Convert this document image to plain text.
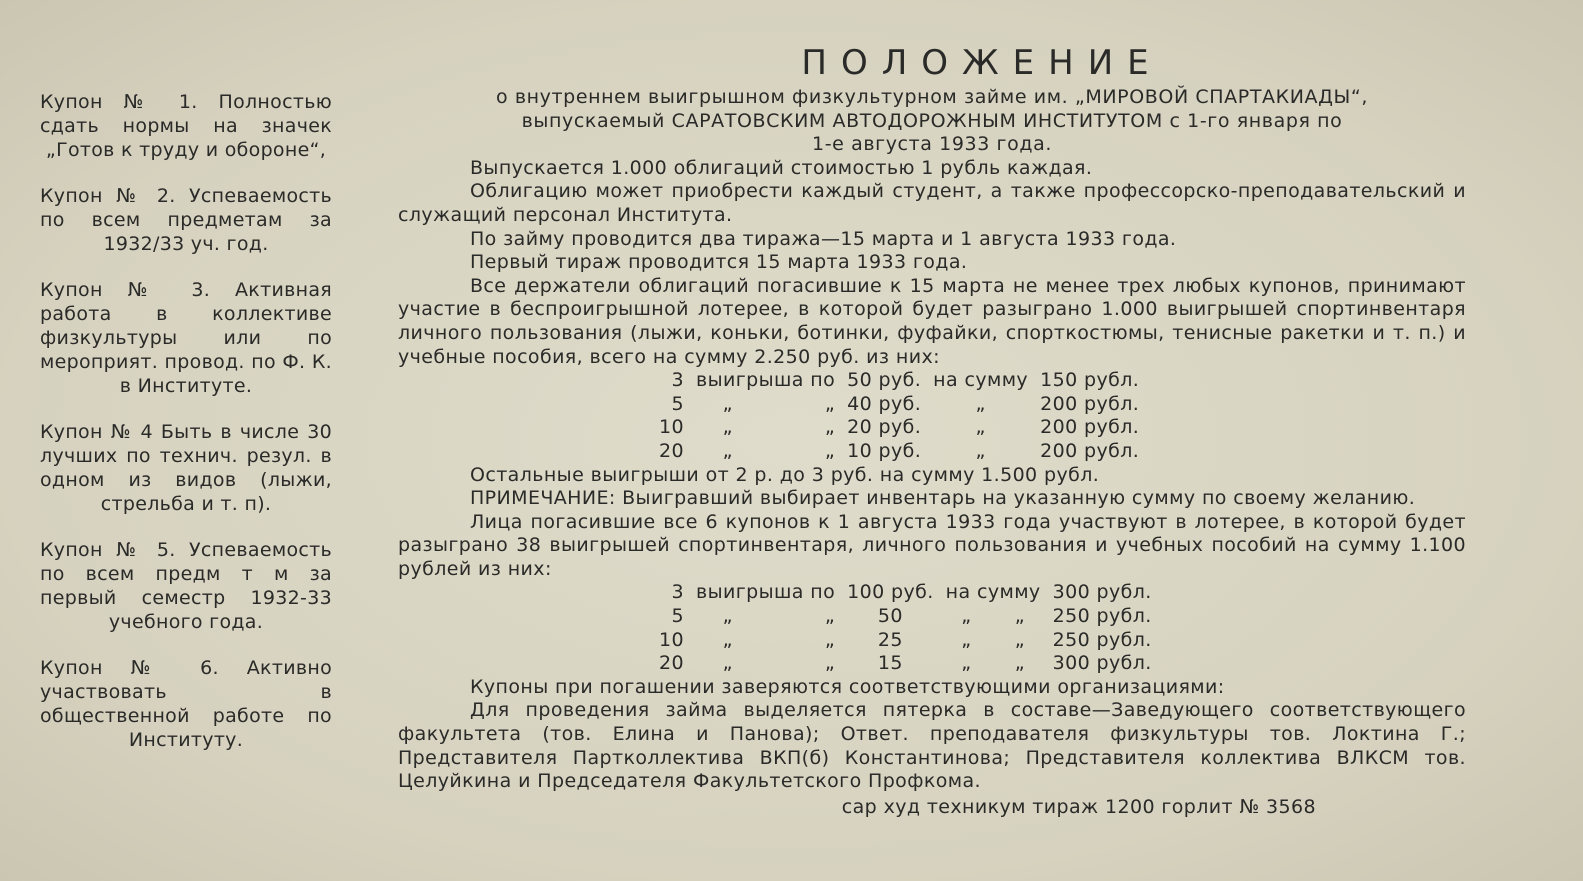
Купон № 1. Полностью сдать нормы на значек „Готов к труду и обороне“,
Купон № 2. Успеваемость по всем предметам за 1932/33 уч. год.
Купон № 3. Активная работа в коллективе физкультуры или по мероприят. провод. по Ф. К. в Институте.
Купон № 4 Быть в числе 30 лучших по технич. резул. в одном из видов (лыжи, стрельба и т. п).
Купон № 5. Успеваемость по всем предм т м за первый семестр 1932-33 учебного года.
Купон № 6. Активно участвовать в общественной работе по Институту.
ПОЛОЖЕНИЕ
о внутреннем выигрышном физкультурном займе им. „МИРОВОЙ СПАРТАКИАДЫ“,
выпускаемый САРАТОВСКИМ АВТОДОРОЖНЫМ ИНСТИТУТОМ с 1-го января по
1-е августа 1933 года.

Выпускается 1.000 облигаций стоимостью 1 рубль каждая.

Облигацию может приобрести каждый студент, а также профессорско-преподавательский и служащий персонал Института.

По займу проводится два тиража—15 марта и 1 августа 1933 года.

Первый тираж проводится 15 марта 1933 года.

Все держатели облигаций погасившие к 15 марта не менее трех любых купонов, принимают участие в беспроигрышной лотерее, в которой будет разыграно 1.000 выигрышей спортинвентаря личного пользования (лыжи, коньки, ботинки, фуфайки, спорткостюмы, тенисные ракетки и т. п.) и учебные пособия, всего на сумму 2.250 руб. из них:

3	выигрыша по		50 руб.	на сумму	150 рубл.
5	„	„	40 руб.	„	200 рубл.
10	„	„	20 руб.	„	200 рубл.
20	„	„	10 руб.	„	200 рубл.

Остальные выигрыши от 2 р. до 3 руб. на сумму 1.500 рубл.

ПРИМЕЧАНИЕ: Выигравший выбирает инвентарь на указанную сумму по своему желанию.

Лица погасившие все 6 купонов к 1 августа 1933 года участвуют в лотерее, в которой будет разыграно 38 выигрышей спортинвентаря, личного пользования и учебных пособий на сумму 1.100 рублей из них:

3	выигрыша по		100 руб.	на сумму		300 рубл.
5	„	„	50	„	„	250 рубл.
10	„	„	25	„	„	250 рубл.
20	„	„	15	„	„	300 рубл.

Купоны при погашении заверяются соответствующими организациями:

Для проведения займа выделяется пятерка в составе—Заведующего соответствующего факультета (тов. Елина и Панова); Ответ. преподавателя физкультуры тов. Локтина Г.; Представителя Партколлектива ВКП(б) Константинова; Представителя коллектива ВЛКСМ тов. Целуйкина и Председателя Факультетского Профкома.

сар худ техникум тираж 1200 горлит № 3568
